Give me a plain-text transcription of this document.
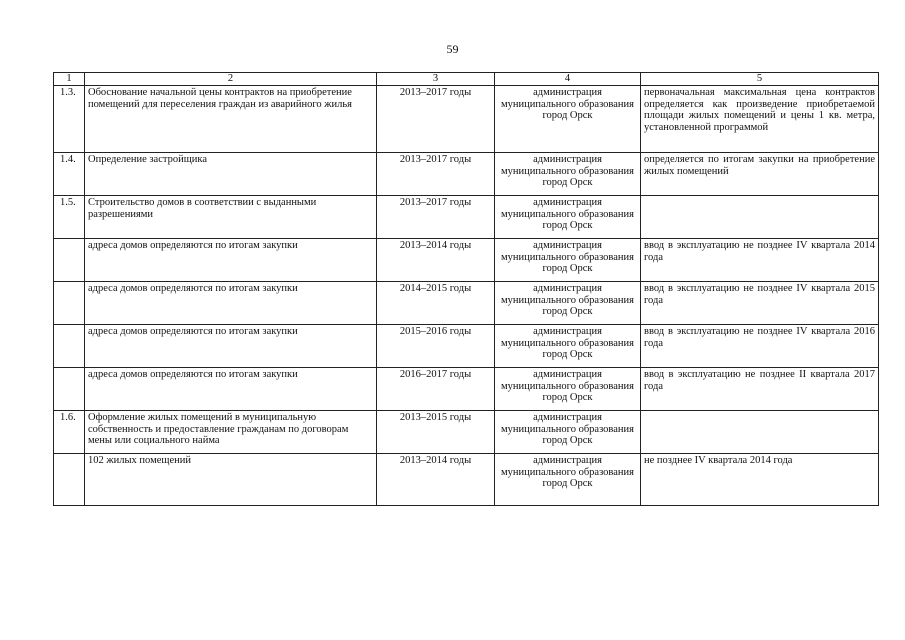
59
1	2	3	4	5
1.3.	Обоснование начальной цены контрактов на приобретение помещений для переселения граждан из аварийного жилья	2013–2017 годы	администрация муниципального образования город Орск	первоначальная максимальная цена контрактов определяется как произведение приобретаемой площади жилых помещений и цены 1 кв. метра, установленной программой
1.4.	Определение застройщика	2013–2017 годы	администрация муниципального образования город Орск	определяется по итогам закупки на приобретение жилых помещений
1.5.	Строительство домов в соответствии с выданными разрешениями	2013–2017 годы	администрация муниципального образования город Орск	
	адреса домов определяются по итогам закупки	2013–2014 годы	администрация муниципального образования город Орск	ввод в эксплуатацию не позднее IV квартала 2014 года
	адреса домов определяются по итогам закупки	2014–2015 годы	администрация муниципального образования город Орск	ввод в эксплуатацию не позднее IV квартала 2015 года
	адреса домов определяются по итогам закупки	2015–2016 годы	администрация муниципального образования город Орск	ввод в эксплуатацию не позднее IV квартала 2016 года
	адреса домов определяются по итогам закупки	2016–2017 годы	администрация муниципального образования город Орск	ввод в эксплуатацию не позднее II квартала 2017 года
1.6.	Оформление жилых помещений в муниципальную собственность и предоставление гражданам по договорам мены или социального найма	2013–2015 годы	администрация муниципального образования город Орск	
	102 жилых помещений	2013–2014 годы	администрация муниципального образования город Орск	не позднее IV квартала 2014 года
